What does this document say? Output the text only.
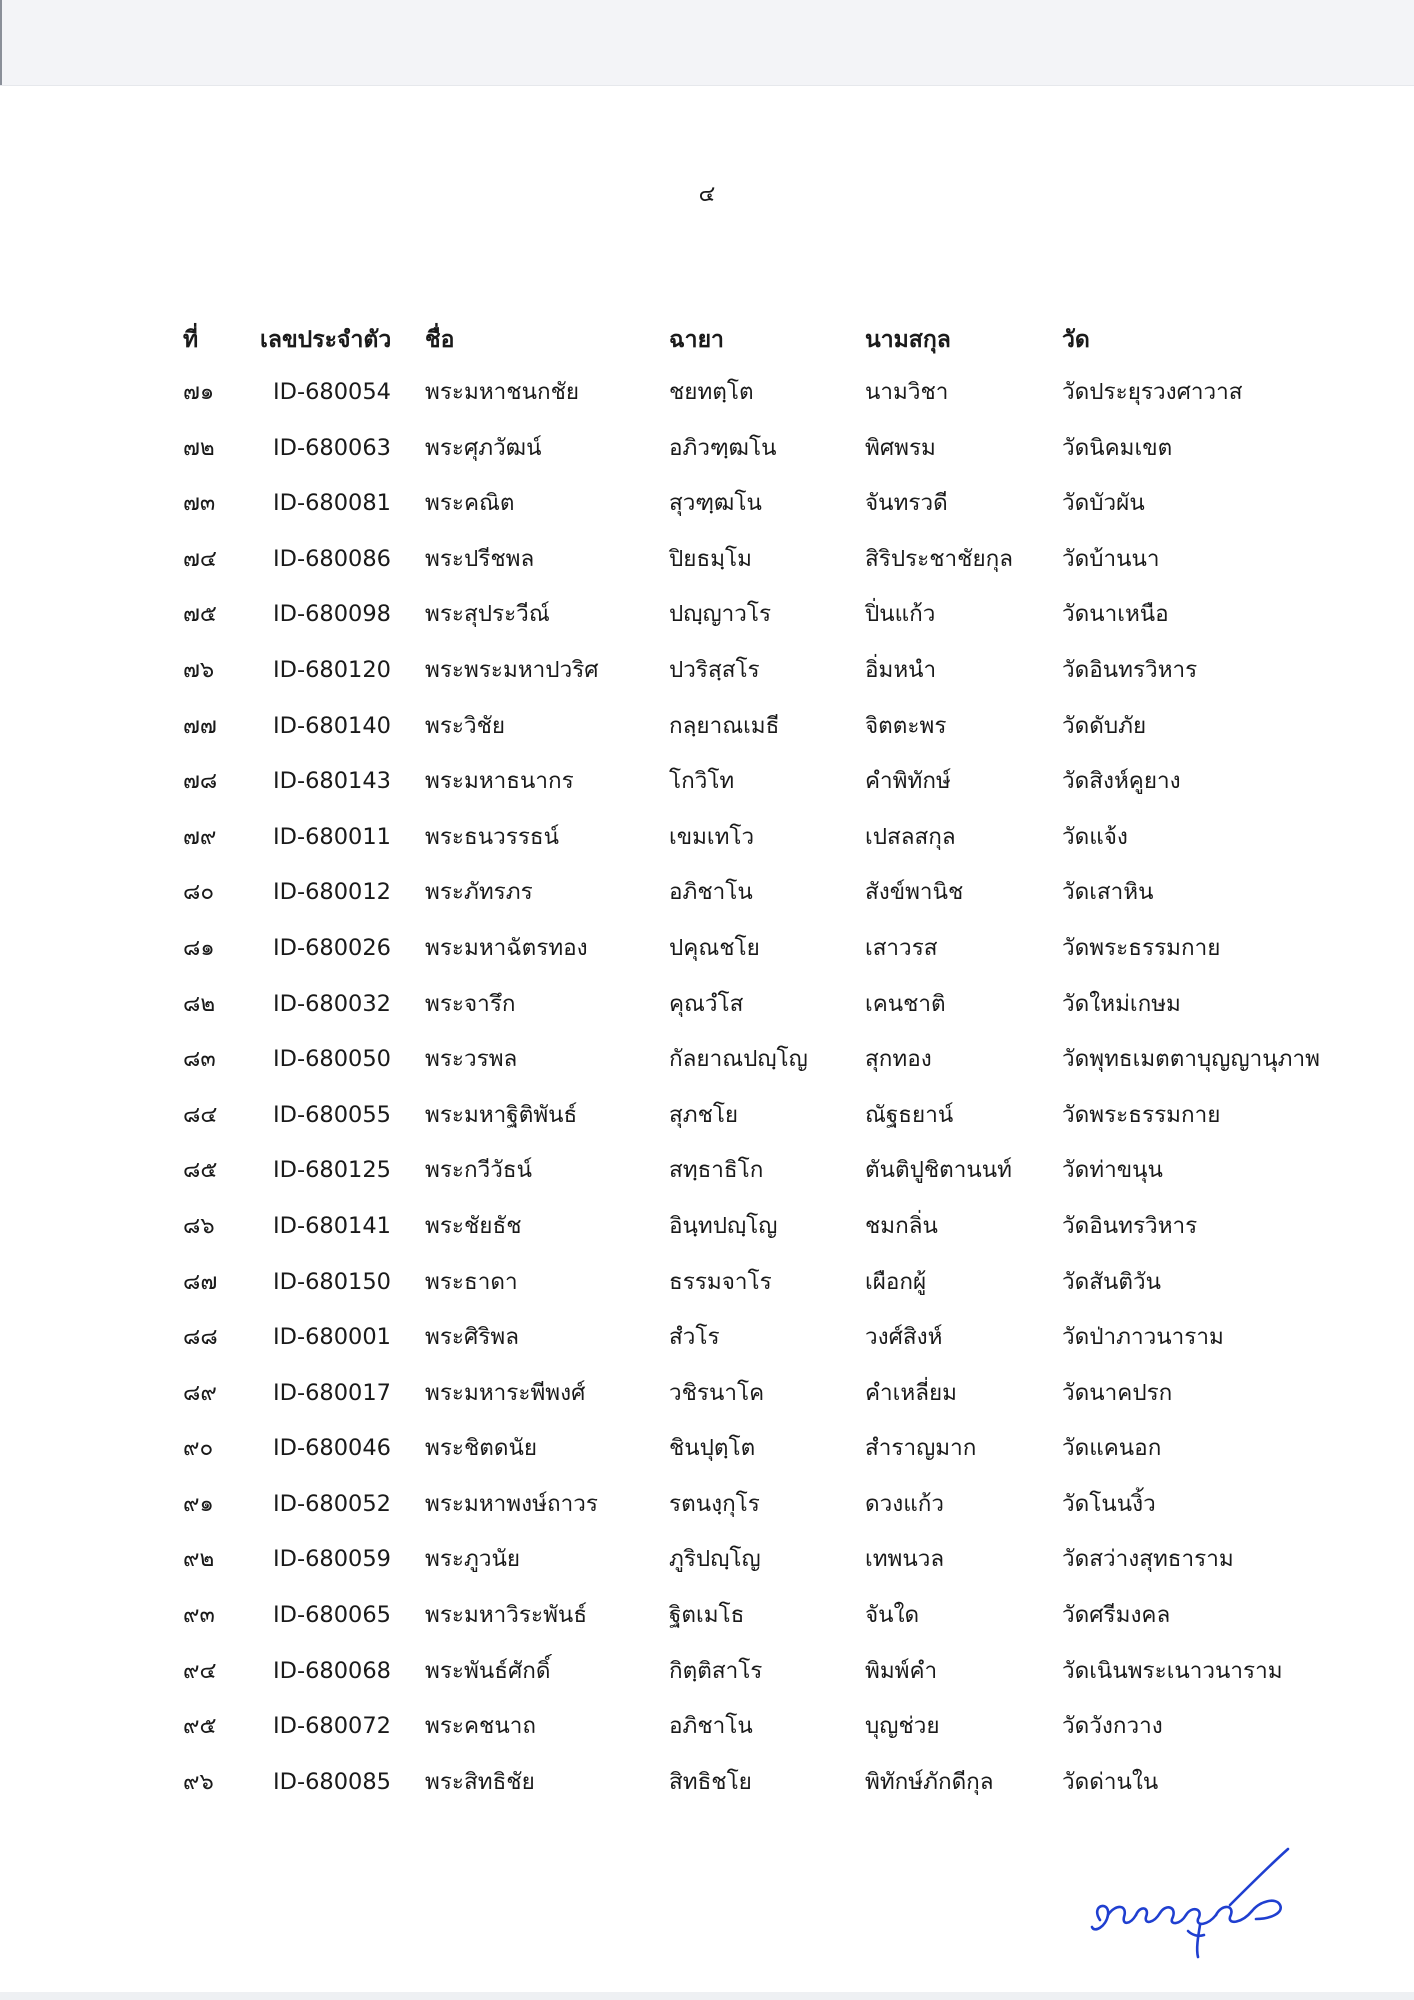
๔
ที่	เลขประจำตัว ชื่อ	ฉายา	นามสกุล	วัด
๗๑	ID-680054 พระมหาชนกชัย	ชยทตฺโต	นามวิชา	วัดประยุรวงศาวาส
๗๒	ID-680063 พระศุภวัฒน์	อภิวฑฺฒโน	พิศพรม	วัดนิคมเขต
๗๓	ID-680081 พระคณิต	สุวฑฺฒโน	จันทรวดี	วัดบัวผัน
๗๔ ID-680086 พระปรีชพล	ปิยธมฺโม	สิริประชาชัยกุล วัดบ้านนา
๗๕ ID-680098 พระสุประวีณ์	ปญฺญาวโร	ปิ่นแก้ว	วัดนาเหนือ
๗๖	ID-680120 พระพระมหาปวริศ	ปวริสฺสโร	อิ่มหนำ	วัดอินทรวิหาร
๗๗ ID-680140 พระวิชัย	กลฺยาณเมธี	จิตตะพร	วัดดับภัย
๗๘ ID-680143 พระมหาธนากร	โกวิโท	คำพิทักษ์	วัดสิงห์คูยาง
๗๙	ID-680011 พระธนวรรธน์	เขมเทโว	เปสลสกุล	วัดแจ้ง
๘๐	ID-680012 พระภัทรภร	อภิชาโน	สังข์พานิช	วัดเสาหิน
๘๑	ID-680026 พระมหาฉัตรทอง	ปคุณชโย	เสาวรส	วัดพระธรรมกาย
๘๒	ID-680032 พระจารึก	คุณวํโส	เคนชาติ	วัดใหม่เกษม
๘๓	ID-680050 พระวรพล	กัลยาณปญฺโญ	สุกทอง	วัดพุทธเมตตาบุญญานุภาพ
๘๔ ID-680055 พระมหาฐิติพันธ์	สุภชโย	ณัฐธยาน์	วัดพระธรรมกาย
๘๕ ID-680125 พระกวีวัธน์	สทฺธาธิโก	ตันติปูชิตานนท์ วัดท่าขนุน
๘๖	ID-680141 พระชัยธัช	อินฺทปญฺโญ	ชมกลิ่น	วัดอินทรวิหาร
๘๗ ID-680150 พระธาดา	ธรรมจาโร	เผือกผู้	วัดสันติวัน
๘๘ ID-680001 พระศิริพล	สํวโร	วงศ์สิงห์	วัดป่าภาวนาราม
๘๙ ID-680017 พระมหาระพีพงศ์	วชิรนาโค	คำเหลี่ยม	วัดนาคปรก
๙๐	ID-680046 พระชิตดนัย	ชินปุตฺโต	สำราญมาก	วัดแคนอก
๙๑	ID-680052 พระมหาพงษ์ถาวร	รตนงฺกุโร	ดวงแก้ว	วัดโนนงิ้ว
๙๒	ID-680059 พระภูวนัย	ภูริปญฺโญ	เทพนวล	วัดสว่างสุทธาราม
๙๓	ID-680065 พระมหาวิระพันธ์	ฐิตเมโธ	จันใด	วัดศรีมงคล
๙๔	ID-680068 พระพันธ์ศักดิ์	กิตฺติสาโร	พิมพ์คำ	วัดเนินพระเนาวนาราม
๙๕	ID-680072 พระคชนาถ	อภิชาโน	บุญช่วย	วัดวังกวาง
๙๖	ID-680085 พระสิทธิชัย	สิทธิชโย	พิทักษ์ภักดีกุล	วัดด่านใน
